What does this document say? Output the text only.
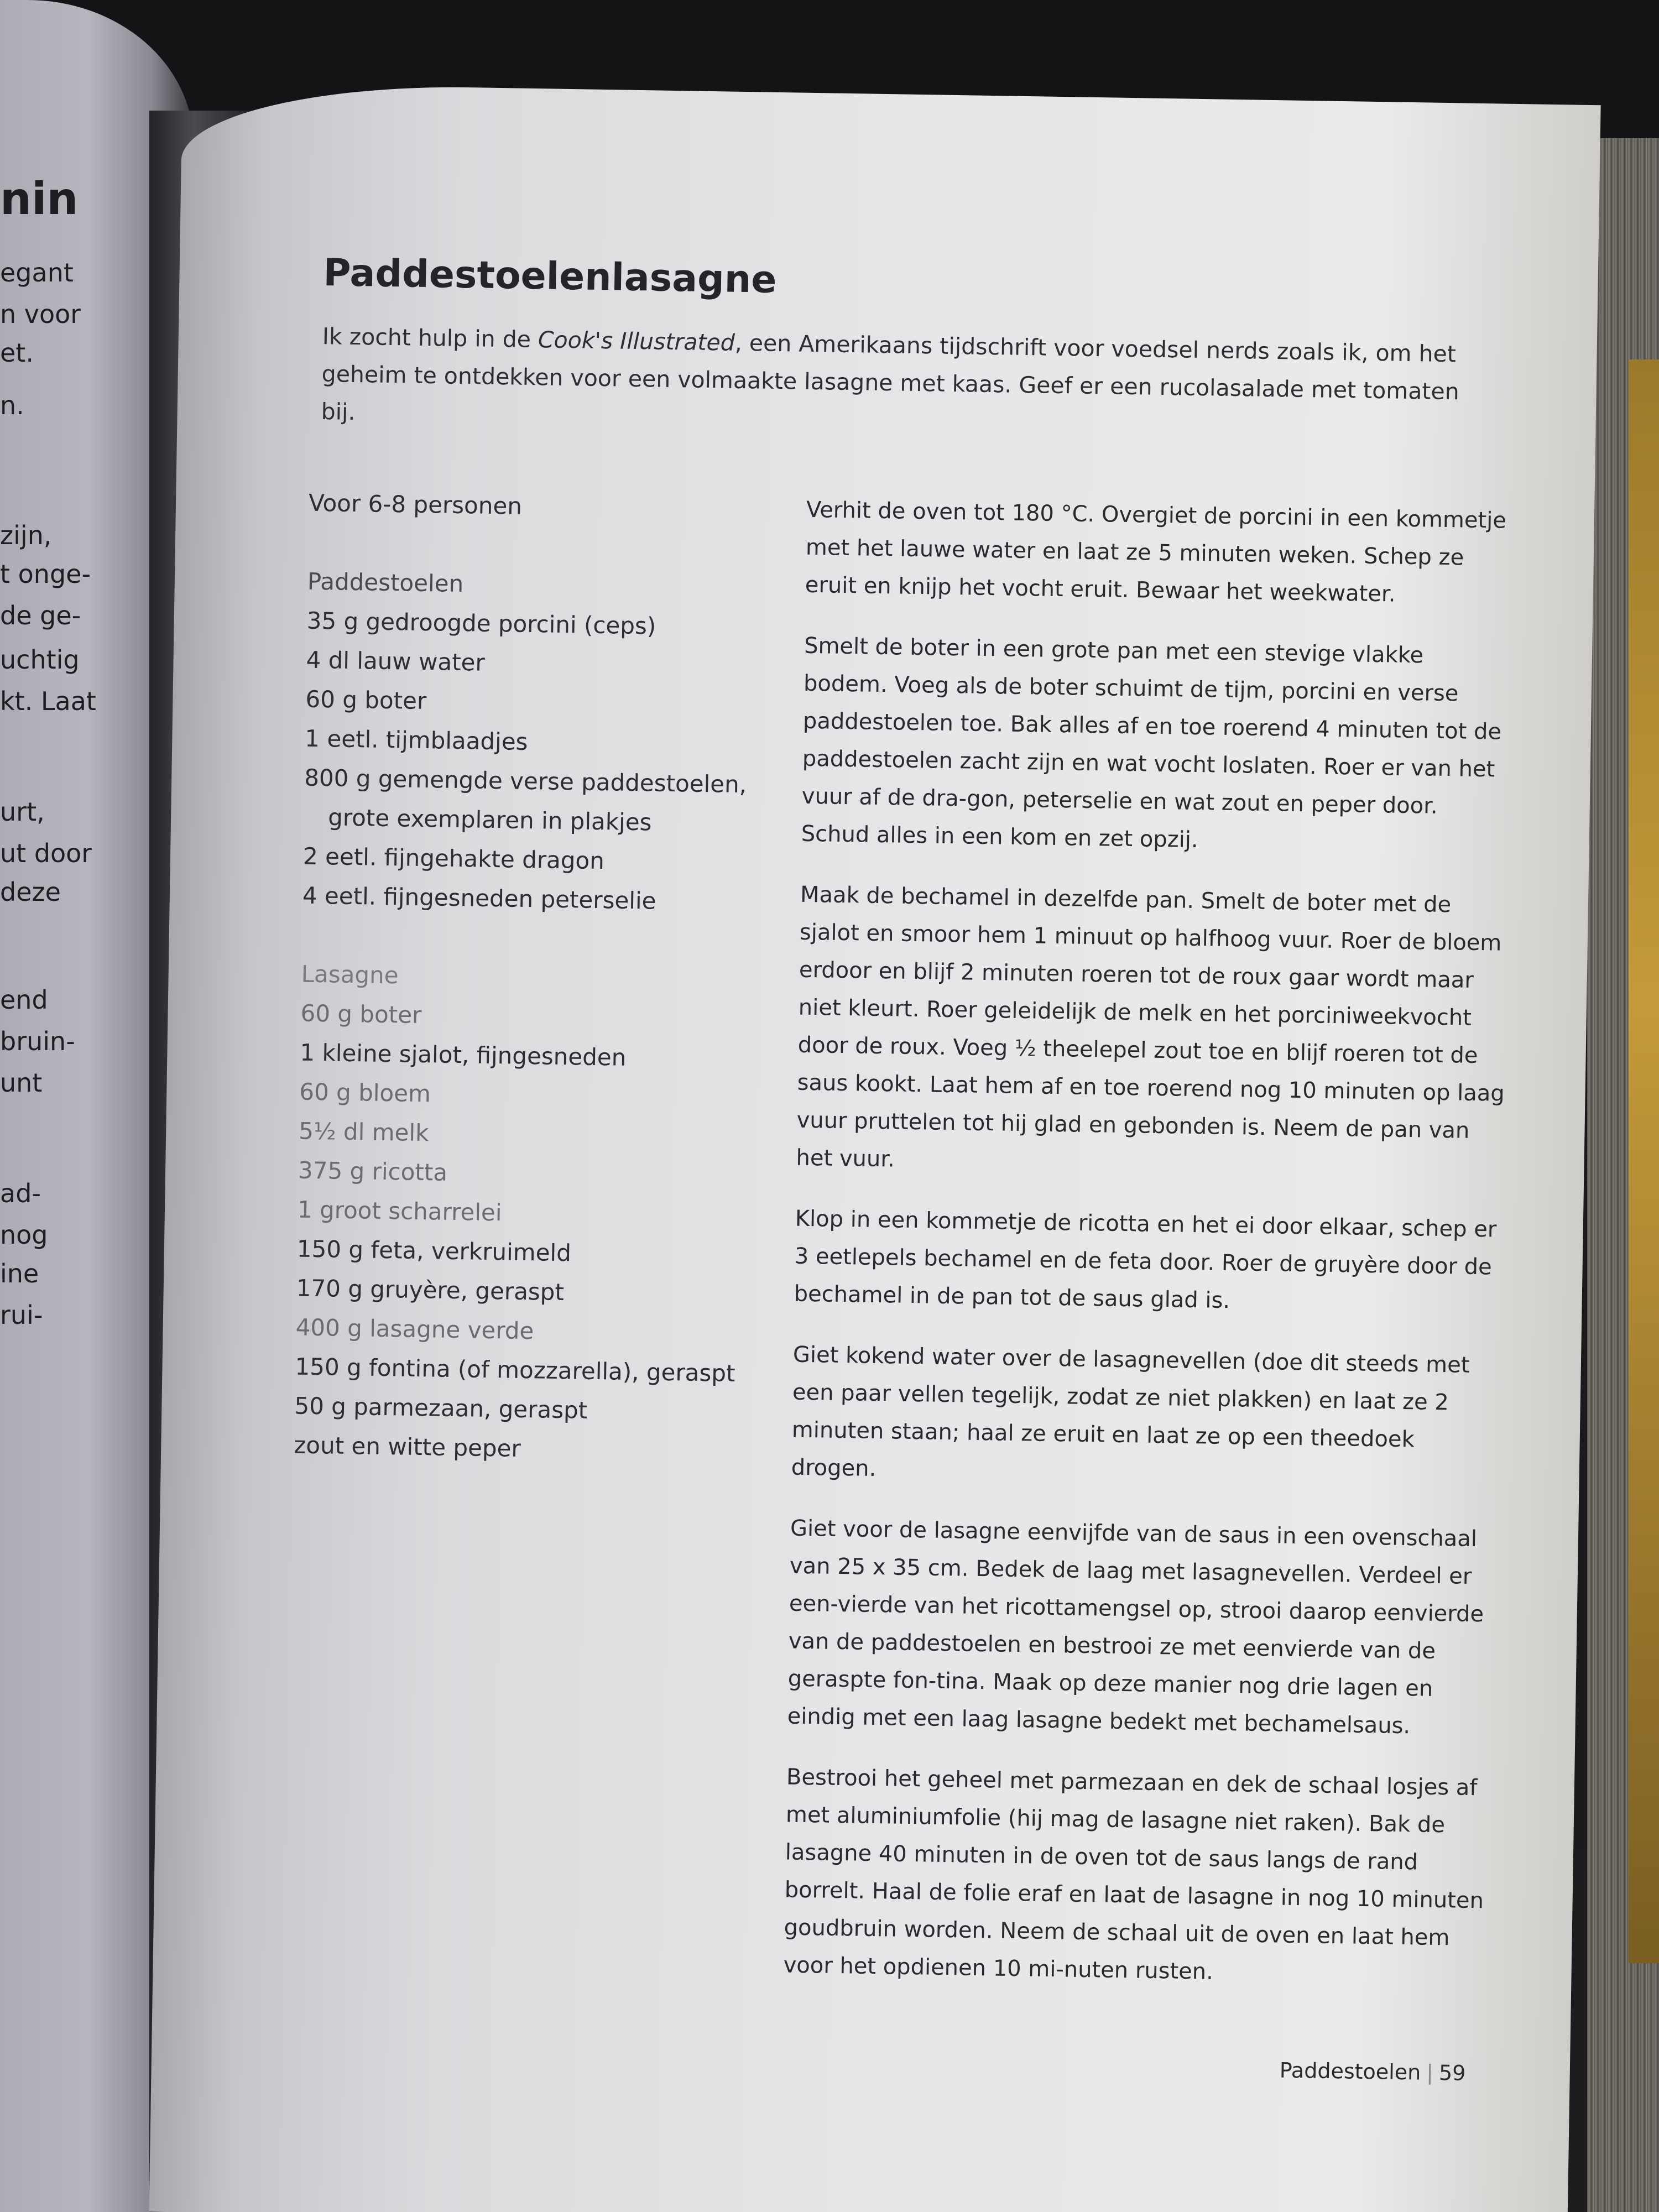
nin
egant
n voor
et.
n.
zijn,
t onge-
de ge-
uchtig
kt. Laat
urt,
ut door
deze
end
bruin-
unt
ad-
nog
ine
rui-
Paddestoelenlasagne
Ik zocht hulp in de Cook's Illustrated, een Amerikaans tijdschrift voor voedsel nerds zoals ik, om het geheim te ontdekken voor een volmaakte lasagne met kaas. Geef er een rucolasalade met tomaten bij.
Voor 6-8 personen
Paddestoelen
35 g gedroogde porcini (ceps)
4 dl lauw water
60 g boter
1 eetl. tijmblaadjes
800 g gemengde verse paddestoelen,
grote exemplaren in plakjes
2 eetl. fijngehakte dragon
4 eetl. fijngesneden peterselie
Lasagne
60 g boter
1 kleine sjalot, fijngesneden
60 g bloem
5½ dl melk
375 g ricotta
1 groot scharrelei
150 g feta, verkruimeld
170 g gruyère, geraspt
400 g lasagne verde
150 g fontina (of mozzarella), geraspt
50 g parmezaan, geraspt
zout en witte peper

Verhit de oven tot 180 °C. Overgiet de porcini in een kommetje met het lauwe water en laat ze 5 minuten weken. Schep ze eruit en knijp het vocht eruit. Bewaar het weekwater.

Smelt de boter in een grote pan met een stevige vlakke bodem. Voeg als de boter schuimt de tijm, porcini en verse paddestoelen toe. Bak alles af en toe roerend 4 minuten tot de paddestoelen zacht zijn en wat vocht loslaten. Roer er van het vuur af de dra-gon, peterselie en wat zout en peper door. Schud alles in een kom en zet opzij.

Maak de bechamel in dezelfde pan. Smelt de boter met de sjalot en smoor hem 1 minuut op halfhoog vuur. Roer de bloem erdoor en blijf 2 minuten roeren tot de roux gaar wordt maar niet kleurt. Roer geleidelijk de melk en het porciniweekvocht door de roux. Voeg ½ theelepel zout toe en blijf roeren tot de saus kookt. Laat hem af en toe roerend nog 10 minuten op laag vuur pruttelen tot hij glad en gebonden is. Neem de pan van het vuur.

Klop in een kommetje de ricotta en het ei door elkaar, schep er 3 eetlepels bechamel en de feta door. Roer de gruyère door de bechamel in de pan tot de saus glad is.

Giet kokend water over de lasagnevellen (doe dit steeds met een paar vellen tegelijk, zodat ze niet plakken) en laat ze 2 minuten staan; haal ze eruit en laat ze op een theedoek drogen.

Giet voor de lasagne eenvijfde van de saus in een ovenschaal van 25 x 35 cm. Bedek de laag met lasagnevellen. Verdeel er een-vierde van het ricottamengsel op, strooi daarop eenvierde van de paddestoelen en bestrooi ze met eenvierde van de geraspte fon-tina. Maak op deze manier nog drie lagen en eindig met een laag lasagne bedekt met bechamelsaus.

Bestrooi het geheel met parmezaan en dek de schaal losjes af met aluminiumfolie (hij mag de lasagne niet raken). Bak de lasagne 40 minuten in de oven tot de saus langs de rand borrelt. Haal de folie eraf en laat de lasagne in nog 10 minuten goudbruin worden. Neem de schaal uit de oven en laat hem voor het opdienen 10 mi-nuten rusten.

Paddestoelen | 59
